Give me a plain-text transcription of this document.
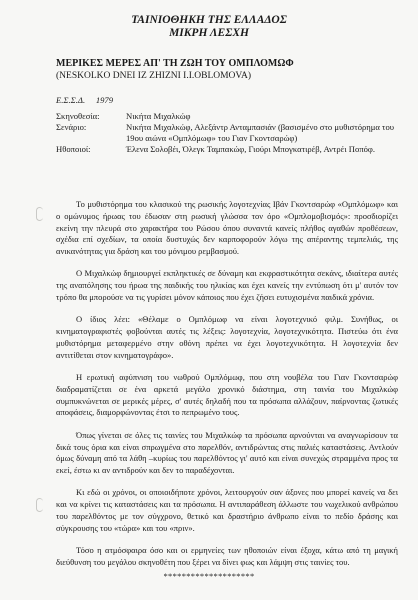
ΤΑΙΝΙΟΘΗΚΗ ΤΗΣ ΕΛΛΑΔΟΣ
ΜΙΚΡΗ ΛΕΣΧΗ
ΜΕΡΙΚΕΣ ΜΕΡΕΣ ΑΠ' ΤΗ ΖΩΗ ΤΟΥ ΟΜΠΛΟΜΩΦ
(NESKOLKO DNEI IZ ZHIZNI I.I.OBLOMOVA)
Ε.Σ.Σ.Δ.     1979
Σκηνοθεσία:	Νικήτα Μιχαλκώφ
Σενάριο:	Νικήτα Μιχαλκώφ, Αλεξάντρ Ανταμπασιάν (βασισμένο στο μυθιστόρημα του 19ου αιώνα «Ομπλόμωφ» του Γιαν Γκοντσαρώφ)
Ηθοποιοί:	Έλενα Σολοβέι, Όλεγκ Ταμπακώφ, Γιούρι Μπογκατιρέβ, Αντρέι Ποπόφ.

Το μυθιστόρημα του κλασικού της ρωσικής λογοτεχνίας Ιβάν Γκοντσαρώφ «Ομπλόμωφ» και ο ομώνυμος ήρωας του έδωσαν στη ρωσική γλώσσα τον όρο «Ομπλομοβισμός»: προσδιορίζει εκείνη την πλευρά στο χαρακτήρα του Ρώσου όπου συναντά κανείς πλήθος αγαθών προθέσεων, σχέδια επί σχεδίων, τα οποία δυστυχώς δεν καρποφορούν λόγω της απέραντης τεμπελιάς, της ανικανότητας για δράση και του μόνιμου ρεμβασμού.

Ο Μιχαλκώφ δημιουργεί εκπληκτικές σε δύναμη και εκφραστικότητα σεκάνς, ιδιαίτερα αυτές της αναπόλησης του ήρωα της παιδικής του ηλικίας και έχει κανείς την εντύπωση ότι μ' αυτόν τον τρόπο θα μπορούσε να τις γυρίσει μόνον κάποιος που έχει ζήσει ευτυχισμένα παιδικά χρόνια.

Ο ίδιος λέει: «Θέλαμε ο Ομπλόμωφ να είναι λογοτεχνικό φιλμ. Συνήθως, οι κινηματογραφιστές φοβούνται αυτές τις λέξεις: λογοτεχνία, λογοτεχνικότητα. Πιστεύω ότι ένα μυθιστόρημα μεταφερμένο στην οθόνη πρέπει να έχει λογοτεχνικότητα. Η λογοτεχνία δεν αντιτίθεται στον κινηματογράφο».

Η ερωτική αφύπνιση του νωθρού Ομπλόμωφ, που στη νουβέλα του Γιαν Γκοντσαρώφ διαδραματίζεται σε ένα αρκετά μεγάλο χρονικό διάστημα, στη ταινία του Μιχαλκώφ συμπυκνώνεται σε μερικές μέρες, σ' αυτές δηλαδή που τα πρόσωπα αλλάζουν, παίρνοντας ζωτικές αποφάσεις, διαμορφώνοντας έτσι το πεπρωμένο τους.

Όπως γίνεται σε όλες τις ταινίες του Μιχαλκώφ τα πρόσωπα αρνούνται να αναγνωρίσουν τα δικά τους όρια και είναι σπρωγμένα στο παρελθόν, αντιδρώντας στις παλιές καταστάσεις. Αντλούν όμως δύναμη από τα λάθη –κυρίως του παρελθόντος γι' αυτό και είναι συνεχώς στραμμένα προς τα εκεί, έστω κι αν αντιδρούν και δεν το παραδέχονται.

Κι εδώ οι χρόνοι, οι οποιοιδήποτε χρόνοι, λειτουργούν σαν άξονες που μπορεί κανείς να δει και να κρίνει τις καταστάσεις και τα πρόσωπα. Η αντιπαράθεση άλλωστε του νωχελικού ανθρώπου του παρελθόντος με τον σύγχρονο, θετικό και δραστήριο άνθρωπο είναι το πεδίο δράσης και σύγκρουσης του «τώρα» και του «πριν».

Τόσο η ατμόσφαιρα όσο και οι ερμηνείες των ηθοποιών είναι έξοχα, κάτω από τη μαγική διεύθυνση του μεγάλου σκηνοθέτη που ξέρει να δίνει φως και λάμψη στις ταινίες του.

********************
